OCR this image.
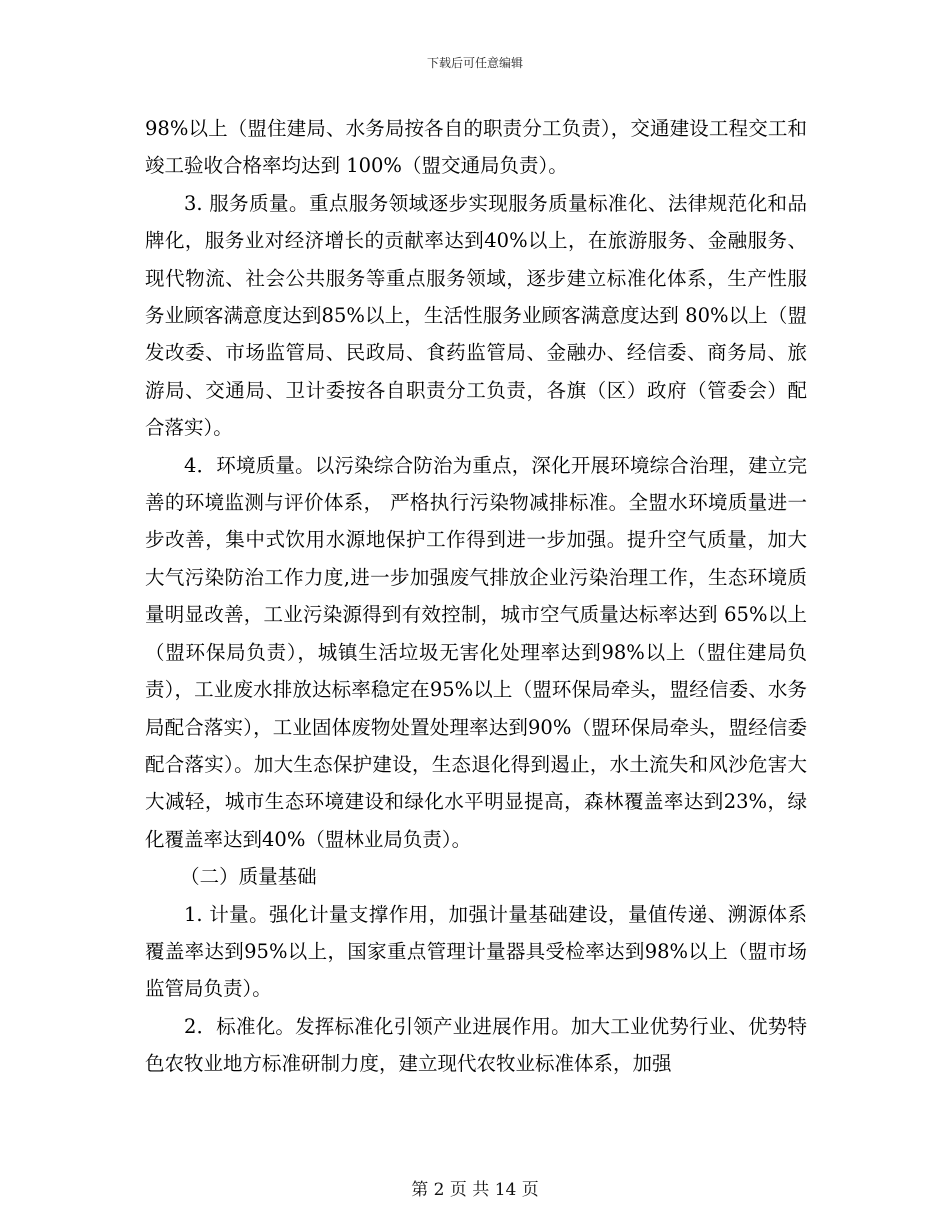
下载后可任意编辑

98%以上（盟住建局、水务局按各自的职责分工负责），交通建设工程交工和竣工验收合格率均达到 100%（盟交通局负责）。

3. 服务质量。重点服务领域逐步实现服务质量标准化、法律规范化和品牌化，服务业对经济增长的贡献率达到40%以上，在旅游服务、金融服务、现代物流、社会公共服务等重点服务领域，逐步建立标准化体系，生产性服务业顾客满意度达到85%以上，生活性服务业顾客满意度达到 80%以上（盟发改委、市场监管局、民政局、食药监管局、金融办、经信委、商务局、旅游局、交通局、卫计委按各自职责分工负责，各旗（区）政府（管委会）配合落实）。

4．环境质量。以污染综合防治为重点，深化开展环境综合治理，建立完善的环境监测与评价体系， 严格执行污染物减排标准。全盟水环境质量进一步改善，集中式饮用水源地保护工作得到进一步加强。提升空气质量，加大大气污染防治工作力度,进一步加强废气排放企业污染治理工作，生态环境质量明显改善，工业污染源得到有效控制，城市空气质量达标率达到 65%以上（盟环保局负责），城镇生活垃圾无害化处理率达到98%以上（盟住建局负责），工业废水排放达标率稳定在95%以上（盟环保局牵头，盟经信委、水务局配合落实），工业固体废物处置处理率达到90%（盟环保局牵头，盟经信委配合落实）。加大生态保护建设，生态退化得到遏止，水土流失和风沙危害大大减轻，城市生态环境建设和绿化水平明显提高，森林覆盖率达到23%，绿化覆盖率达到40%（盟林业局负责）。

（二）质量基础

1. 计量。强化计量支撑作用，加强计量基础建设，量值传递、溯源体系覆盖率达到95%以上，国家重点管理计量器具受检率达到98%以上（盟市场监管局负责）。

2．标准化。发挥标准化引领产业进展作用。加大工业优势行业、优势特色农牧业地方标准研制力度，建立现代农牧业标准体系，加强

第 2 页 共 14 页
